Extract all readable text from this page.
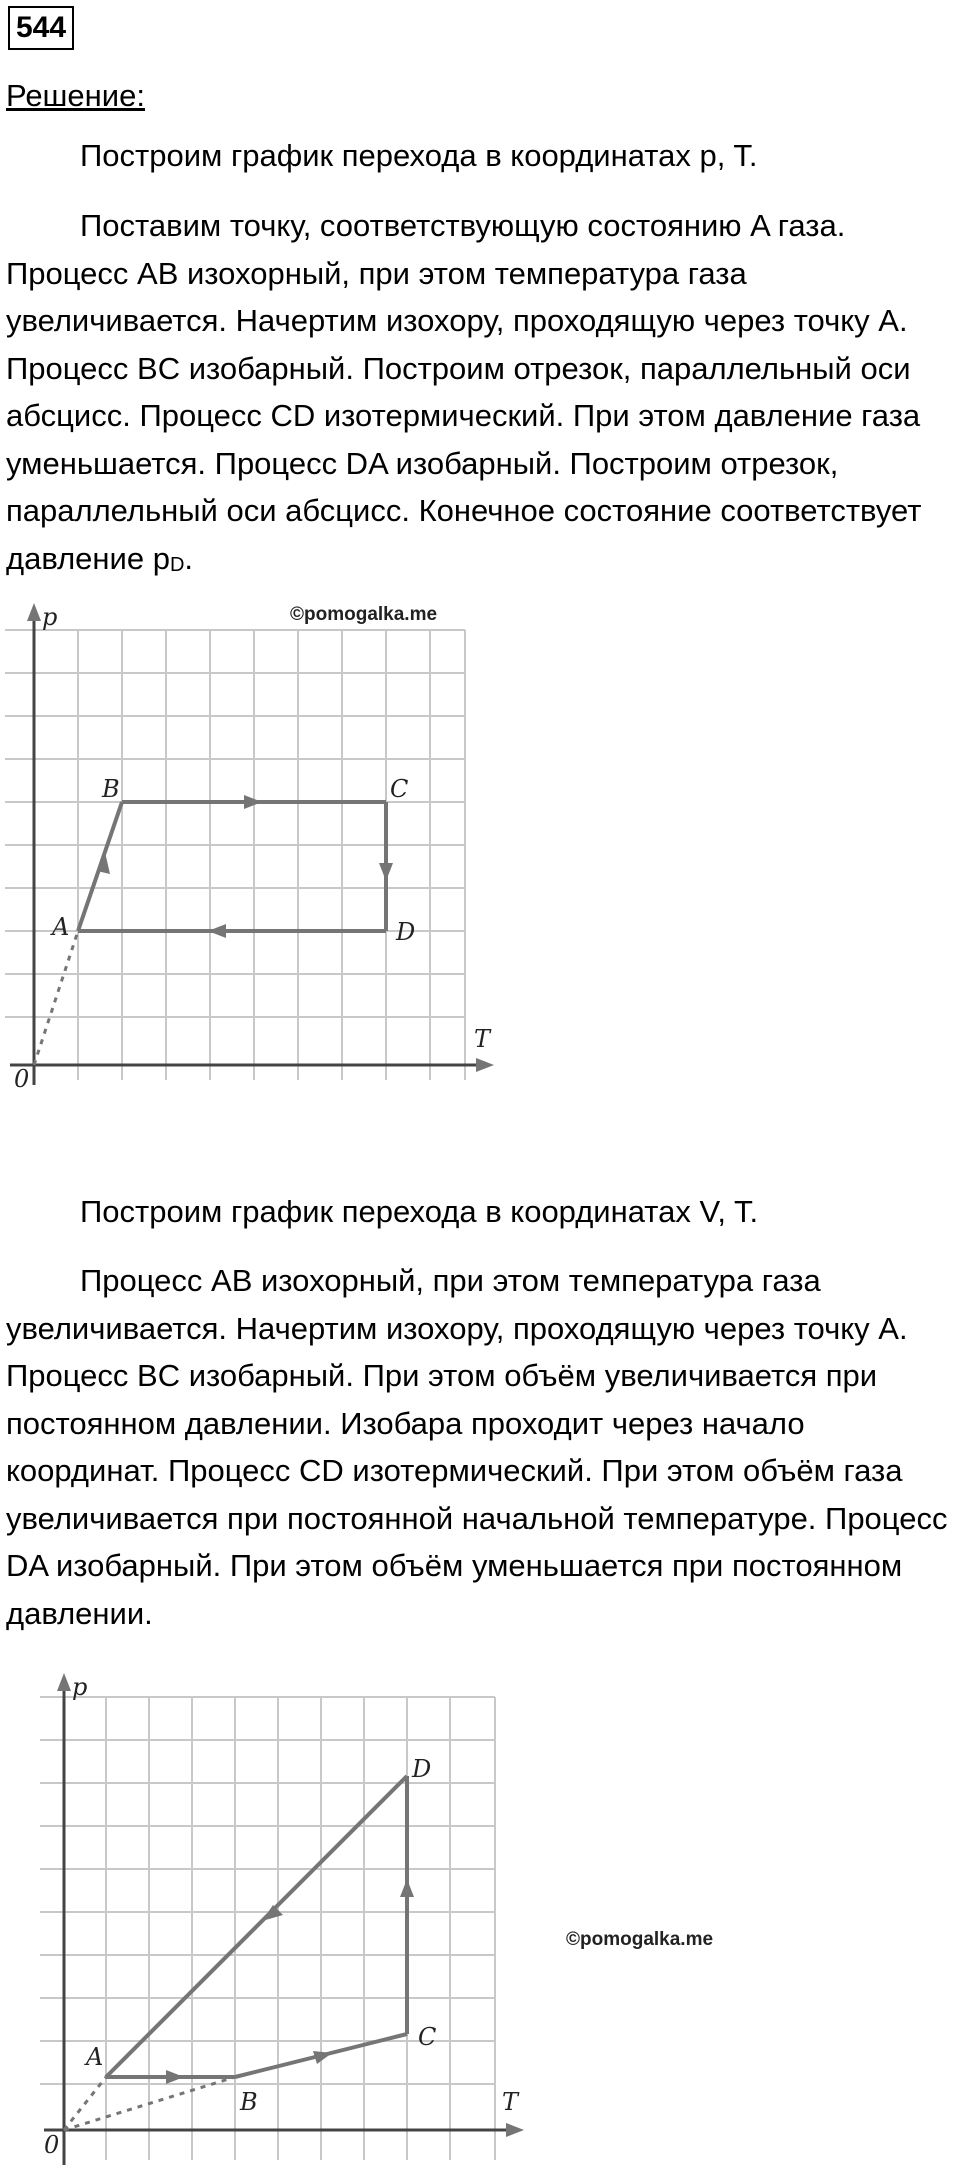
544
Решение:

Построим график перехода в координатах p, T.

Поставим точку, соответствующую состоянию A газа. Процесс AB изохорный, при этом температура газа увеличивается. Начертим изохору, проходящую через точку A. Процесс BC изобарный. Построим отрезок, параллельный оси абсцисс. Процесс CD изотермический. При этом давление газа уменьшается. Процесс DA изобарный. Построим отрезок, параллельный оси абсцисс. Конечное состояние соответствует давление $p_D$.

p
T
0
©pomogalka.me
A
B	C
D

Построим график перехода в координатах V, T.

Процесс AB изохорный, при этом температура газа увеличивается. Начертим изохору, проходящую через точку A. Процесс BC изобарный. При этом объём увеличивается при постоянном давлении. Изобара проходит через начало координат. Процесс CD изотермический. При этом объём газа увеличивается при постоянной начальной температуре. Процесс DA изобарный. При этом объём уменьшается при постоянном давлении.

p
T
0
©pomogalka.me
A
B
C
D
